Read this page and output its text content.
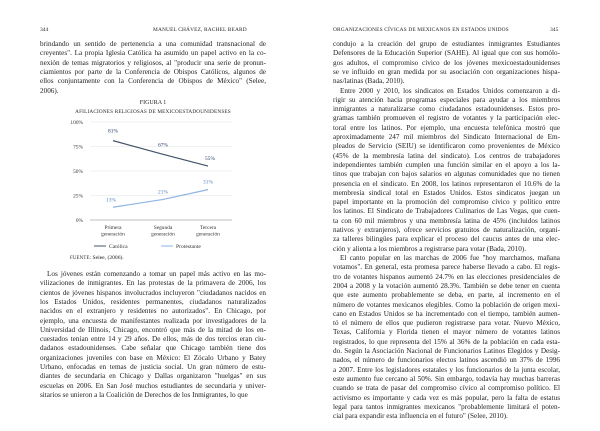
344	MANUEL CHÁVEZ, RACHEL BEARD
brindando un sentido de pertenencia a una comunidad transnacional de
creyentes". La propia Iglesia Católica ha asumido un papel activo en la co-
nexión de temas migratorios y religiosos, al "producir una serie de pronun-
ciamientos por parte de la Conferencia de Obispos Católicos, algunos de
ellos conjuntamente con la Conferencia de Obispos de México" (Selee,
2006).
FIGURA 1
AFILIACIONES RELIGIOSAS DE MEXICOESTADOUNIDENSES
0%
25%
50%
75%
100%
Primera
generación
Segunda
generación
Tercera
generación
81%
67%
55%
13%
21%
31%
Católica	Protestante
FUENTE: Selee, (2006).
Los jóvenes están comenzando a tomar un papel más activo en las mo-
vilizaciones de inmigrantes. En las protestas de la primavera de 2006, los
cientos de jóvenes hispanos involucrados incluyeron "ciudadanos nacidos en
los Estados Unidos, residentes permanentes, ciudadanos naturalizados
nacidos en el extranjero y residentes no autorizados". En Chicago, por
ejemplo, una encuesta de manifestantes realizada por investigadores de la
Universidad de Illinois, Chicago, encontró que más de la mitad de los en-
cuestados tenían entre 14 y 29 años. De ellos, más de dos tercios eran ciu-
dadanos estadounidenses. Cabe señalar que Chicago también tiene dos
organizaciones juveniles con base en México: El Zócalo Urbano y Batey
Urbano, enfocadas en temas de justicia social. Un gran número de estu-
diantes de secundaria en Chicago y Dallas organizaron "huelgas" en sus
escuelas en 2006. En San José muchos estudiantes de secundaria y univer-
sitarios se unieron a la Coalición de Derechos de los Inmigrantes, lo que
ORGANIZACIONES CÍVICAS DE MEXICANOS EN ESTADOS UNIDOS	345
condujo a la creación del grupo de estudiantes inmigrantes Estudiantes
Defensores de la Educación Superior (SAHE). Al igual que con sus homólo-
gos adultos, el compromiso cívico de los jóvenes mexicoestadounidenses
se ve influido en gran medida por su asociación con organizaciones hispa-
nas/latinas (Bada, 2010).
Entre 2000 y 2010, los sindicatos en Estados Unidos comenzaron a di-
rigir su atención hacia programas especiales para ayudar a los miembros
inmigrantes a naturalizarse como ciudadanos estadounidenses. Estos pro-
gramas también promueven el registro de votantes y la participación elec-
toral entre los latinos. Por ejemplo, una encuesta telefónica mostró que
aproximadamente 247 mil miembros del Sindicato Internacional de Em-
pleados de Servicio (SEIU) se identificaron como provenientes de México
(45% de la membresía latina del sindicato). Los centros de trabajadores
independientes también cumplen una función similar en el apoyo a los la-
tinos que trabajan con bajos salarios en algunas comunidades que no tienen
presencia en el sindicato. En 2008, los latinos representaron el 10.6% de la
membresía sindical total en Estados Unidos. Estos sindicatos juegan un
papel importante en la promoción del compromiso cívico y político entre
los latinos. El Sindicato de Trabajadores Culinarios de Las Vegas, que cuen-
ta con 60 mil miembros y una membresía latina de 45% (incluidos latinos
nativos y extranjeros), ofrece servicios gratuitos de naturalización, organi-
za talleres bilingües para explicar el proceso del caucus antes de una elec-
ción y alienta a los miembros a registrarse para votar (Bada, 2010).
El canto popular en las marchas de 2006 fue "hoy marchamos, mañana
votamos". En general, esta promesa parece haberse llevado a cabo. El regis-
tro de votantes hispanos aumentó 24.7% en las elecciones presidenciales de
2004 a 2008 y la votación aumentó 28.3%. También se debe tener en cuenta
que este aumento probablemente se deba, en parte, al incremento en el
número de votantes mexicanos elegibles. Como la población de origen mexi-
cano en Estados Unidos se ha incrementado con el tiempo, también aumen-
tó el número de ellos que pudieron registrarse para votar. Nuevo México,
Texas, California y Florida tienen el mayor número de votantes latinos
registrados, lo que representa del 15% al 36% de la población en cada esta-
do. Según la Asociación Nacional de Funcionarios Latinos Elegidos y Desig-
nados, el número de funcionarios electos latinos ascendió un 37% de 1996
a 2007. Entre los legisladores estatales y los funcionarios de la junta escolar,
este aumento fue cercano al 50%. Sin embargo, todavía hay muchas barreras
cuando se trata de pasar del compromiso cívico al compromiso político. El
activismo es importante y cada vez es más popular, pero la falta de estatus
legal para tantos inmigrantes mexicanos "probablemente limitará el poten-
cial para expandir esta influencia en el futuro" (Selee, 2010).
